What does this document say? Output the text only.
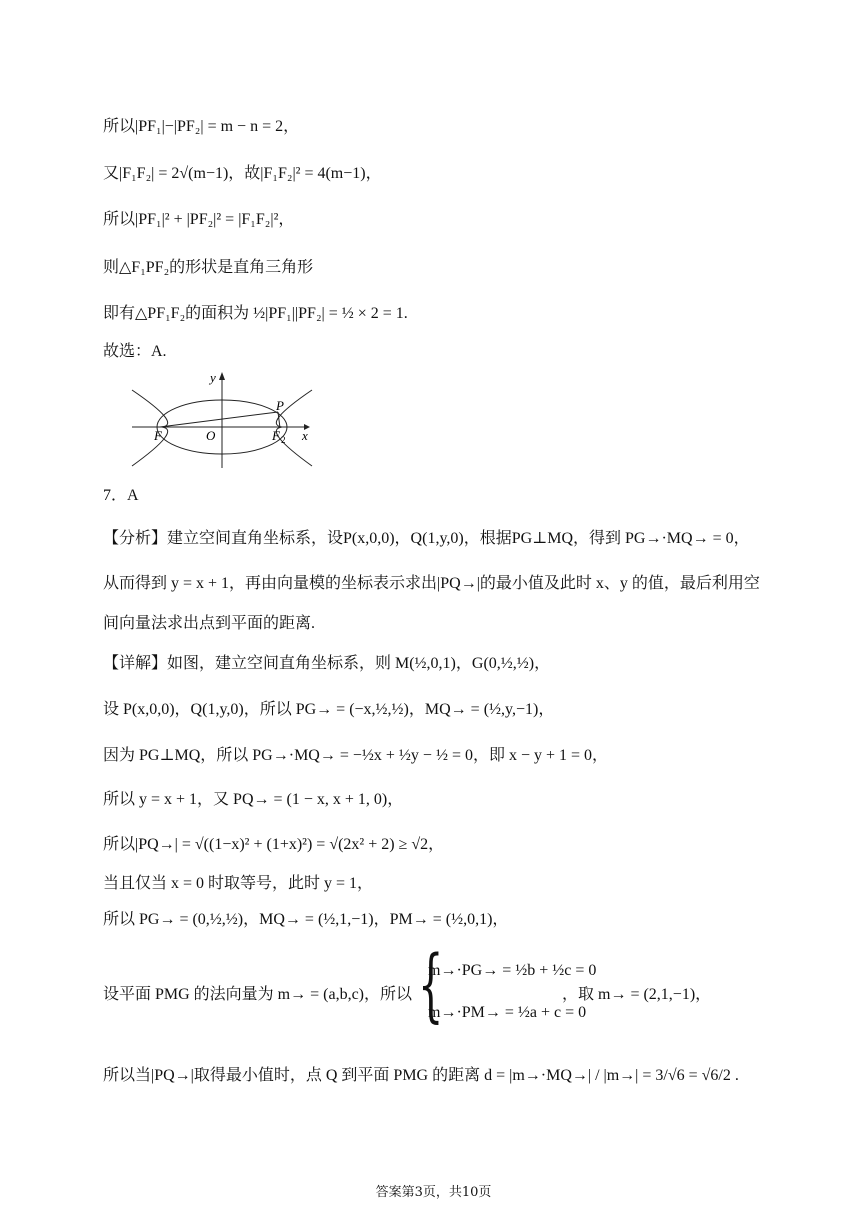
所以|PF₁|−|PF₂| = m − n = 2，
又|F₁F₂| = 2√(m−1)，故|F₁F₂|² = 4(m−1)，
所以|PF₁|² + |PF₂|² = |F₁F₂|²，
则△F₁PF₂的形状是直角三角形
即有△PF₁F₂的面积为 ½|PF₁||PF₂| = ½ × 2 = 1.
故选：A.
y
x
O
P
F	F 2
7．A
【分析】建立空间直角坐标系，设P(x,0,0)，Q(1,y,0)，根据PG⊥MQ，得到 PG→·MQ→ = 0，
从而得到 y = x + 1，再由向量模的坐标表示求出|PQ→|的最小值及此时 x、y 的值，最后利用空
间向量法求出点到平面的距离.
【详解】如图，建立空间直角坐标系，则 M(½,0,1)，G(0,½,½)，
设 P(x,0,0)，Q(1,y,0)，所以 PG→ = (−x,½,½)，MQ→ = (½,y,−1)，
因为 PG⊥MQ，所以 PG→·MQ→ = −½x + ½y − ½ = 0，即 x − y + 1 = 0，
所以 y = x + 1，又 PQ→ = (1 − x, x + 1, 0)，
所以|PQ→| = √((1−x)² + (1+x)²) = √(2x² + 2) ≥ √2，
当且仅当 x = 0 时取等号，此时 y = 1，
所以 PG→ = (0,½,½)，MQ→ = (½,1,−1)，PM→ = (½,0,1)，
设平面 PMG 的法向量为 m→ = (a,b,c)，所以 {
m→·PG→ = ½b + ½c = 0
m→·PM→ = ½a + c = 0
，取 m→ = (2,1,−1)，
所以当|PQ→|取得最小值时，点 Q 到平面 PMG 的距离 d = |m→·MQ→| / |m→| = 3/√6 = √6/2 .
答案第3页，共10页
